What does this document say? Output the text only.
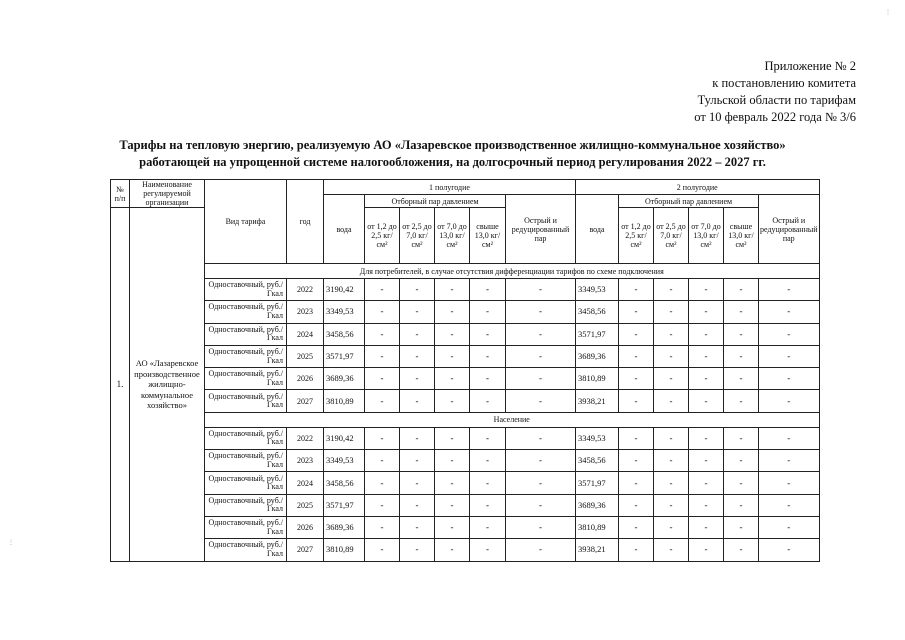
Приложение № 2
к постановлению комитета
Тульской области по тарифам
от 10 февраль 2022 года № 3/6
Тарифы на тепловую энергию, реализуемую АО «Лазаревское производственное жилищно-коммунальное хозяйство»
работающей на упрощенной системе налогообложения, на долгосрочный период регулирования 2022 – 2027 гг.
№ п/п	Наименование регулируемой организации	Вид тарифа	год	1 полугодие						2 полугодие					
				вода	Отборный пар давлением				Острый и редуцированный пар	вода	Отборный пар давлением				Острый и редуцированный пар
1.	АО «Лазаревское производственное жилищно-коммунальное хозяйство»				от 1,2 до 2,5 кг/см²	от 2,5 до 7,0 кг/см²	от 7,0 до 13,0 кг/см²	свыше 13,0 кг/см²			от 1,2 до 2,5 кг/см²	от 2,5 до 7,0 кг/см²	от 7,0 до 13,0 кг/см²	свыше 13,0 кг/см²	
		Для потребителей, в случае отсутствия дифференциации тарифов по схеме подключения													
		Одноставочный, руб./Гкал	2022	3190,42	-	-	-	-	-	3349,53	-	-	-	-	-
		Одноставочный, руб./Гкал	2023	3349,53	-	-	-	-	-	3458,56	-	-	-	-	-
		Одноставочный, руб./Гкал	2024	3458,56	-	-	-	-	-	3571,97	-	-	-	-	-
		Одноставочный, руб./Гкал	2025	3571,97	-	-	-	-	-	3689,36	-	-	-	-	-
		Одноставочный, руб./Гкал	2026	3689,36	-	-	-	-	-	3810,89	-	-	-	-	-
		Одноставочный, руб./Гкал	2027	3810,89	-	-	-	-	-	3938,21	-	-	-	-	-
		Население													
		Одноставочный, руб./Гкал	2022	3190,42	-	-	-	-	-	3349,53	-	-	-	-	-
		Одноставочный, руб./Гкал	2023	3349,53	-	-	-	-	-	3458,56	-	-	-	-	-
		Одноставочный, руб./Гкал	2024	3458,56	-	-	-	-	-	3571,97	-	-	-	-	-
		Одноставочный, руб./Гкал	2025	3571,97	-	-	-	-	-	3689,36	-	-	-	-	-
		Одноставочный, руб./Гкал	2026	3689,36	-	-	-	-	-	3810,89	-	-	-	-	-
		Одноставочный, руб./Гкал	2027	3810,89	-	-	-	-	-	3938,21	-	-	-	-	-
⋮
⋮
